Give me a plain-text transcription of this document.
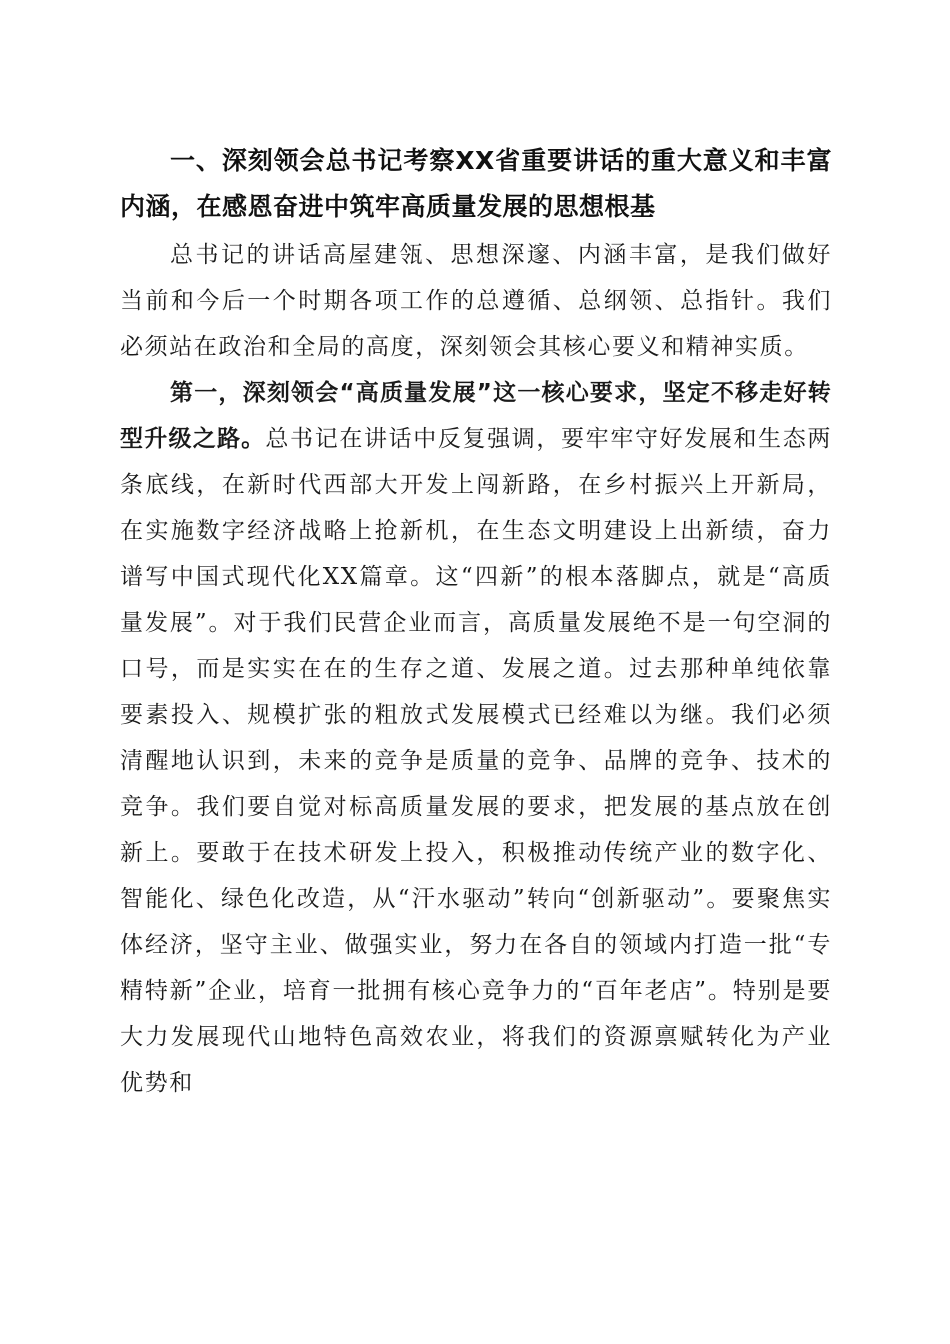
一、深刻领会总书记考察XX省重要讲话的重大意义和丰富内涵，在感恩奋进中筑牢高质量发展的思想根基

总书记的讲话高屋建瓴、思想深邃、内涵丰富，是我们做好当前和今后一个时期各项工作的总遵循、总纲领、总指针。我们必须站在政治和全局的高度，深刻领会其核心要义和精神实质。

第一，深刻领会“高质量发展”这一核心要求，坚定不移走好转型升级之路。总书记在讲话中反复强调，要牢牢守好发展和生态两条底线，在新时代西部大开发上闯新路，在乡村振兴上开新局，在实施数字经济战略上抢新机，在生态文明建设上出新绩，奋力谱写中国式现代化XX篇章。这“四新”的根本落脚点，就是“高质量发展”。对于我们民营企业而言，高质量发展绝不是一句空洞的口号，而是实实在在的生存之道、发展之道。过去那种单纯依靠要素投入、规模扩张的粗放式发展模式已经难以为继。我们必须清醒地认识到，未来的竞争是质量的竞争、品牌的竞争、技术的竞争。我们要自觉对标高质量发展的要求，把发展的基点放在创新上。要敢于在技术研发上投入，积极推动传统产业的数字化、智能化、绿色化改造，从“汗水驱动”转向“创新驱动”。要聚焦实体经济，坚守主业、做强实业，努力在各自的领域内打造一批“专精特新”企业，培育一批拥有核心竞争力的“百年老店”。特别是要大力发展现代山地特色高效农业，将我们的资源禀赋转化为产业优势和
